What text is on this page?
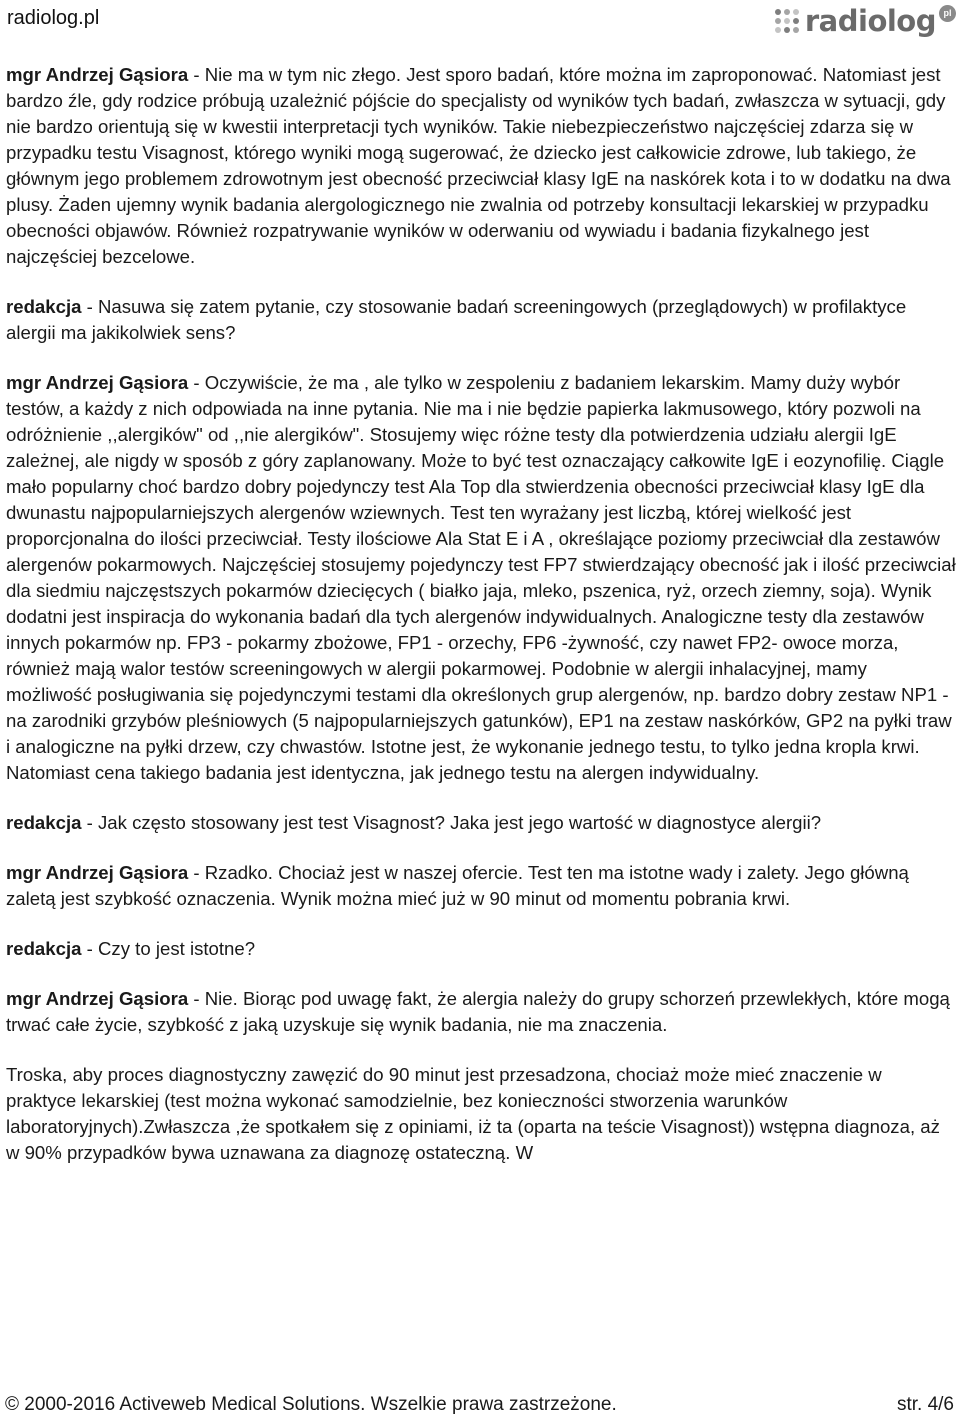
radiolog.pl	radiolog pl

mgr Andrzej Gąsiora - Nie ma w tym nic złego. Jest sporo badań, które można im zaproponować. Natomiast jest bardzo źle, gdy rodzice próbują uzależnić pójście do specjalisty od wyników tych badań, zwłaszcza w sytuacji, gdy nie bardzo orientują się w kwestii interpretacji tych wyników. Takie niebezpieczeństwo najczęściej zdarza się w przypadku testu Visagnost, którego wyniki mogą sugerować, że dziecko jest całkowicie zdrowe, lub takiego, że głównym jego problemem zdrowotnym jest obecność przeciwciał klasy IgE na naskórek kota i to w dodatku na dwa plusy. Żaden ujemny wynik badania alergologicznego nie zwalnia od potrzeby konsultacji lekarskiej w przypadku obecności objawów. Również rozpatrywanie wyników w oderwaniu od wywiadu i badania fizykalnego jest najczęściej bezcelowe.

redakcja - Nasuwa się zatem pytanie, czy stosowanie badań screeningowych (przeglądowych) w profilaktyce alergii ma jakikolwiek sens?

mgr Andrzej Gąsiora - Oczywiście, że ma , ale tylko w zespoleniu z badaniem lekarskim. Mamy duży wybór testów, a każdy z nich odpowiada na inne pytania. Nie ma i nie będzie papierka lakmusowego, który pozwoli na odróżnienie ,,alergików" od ,,nie alergików". Stosujemy więc różne testy dla potwierdzenia udziału alergii IgE zależnej, ale nigdy w sposób z góry zaplanowany. Może to być test oznaczający całkowite IgE i eozynofilię. Ciągle mało popularny choć bardzo dobry pojedynczy test Ala Top dla stwierdzenia obecności przeciwciał klasy IgE dla dwunastu najpopularniejszych alergenów wziewnych. Test ten wyrażany jest liczbą, której wielkość jest proporcjonalna do ilości przeciwciał. Testy ilościowe Ala Stat E i A , określające poziomy przeciwciał dla zestawów alergenów pokarmowych. Najczęściej stosujemy pojedynczy test FP7 stwierdzający obecność jak i ilość przeciwciał dla siedmiu najczęstszych pokarmów dziecięcych ( białko jaja, mleko, pszenica, ryż, orzech ziemny, soja). Wynik dodatni jest inspiracja do wykonania badań dla tych alergenów indywidualnych. Analogiczne testy dla zestawów innych pokarmów np. FP3 - pokarmy zbożowe, FP1 - orzechy, FP6 -żywność, czy nawet FP2- owoce morza, również mają walor testów screeningowych w alergii pokarmowej. Podobnie w alergii inhalacyjnej, mamy możliwość posługiwania się pojedynczymi testami dla określonych grup alergenów, np. bardzo dobry zestaw NP1 - na zarodniki grzybów pleśniowych (5 najpopularniejszych gatunków), EP1 na zestaw naskórków, GP2 na pyłki traw i analogiczne na pyłki drzew, czy chwastów. Istotne jest, że wykonanie jednego testu, to tylko jedna kropla krwi. Natomiast cena takiego badania jest identyczna, jak jednego testu na alergen indywidualny.

redakcja - Jak często stosowany jest test Visagnost? Jaka jest jego wartość w diagnostyce alergii?

mgr Andrzej Gąsiora - Rzadko. Chociaż jest w naszej ofercie. Test ten ma istotne wady i zalety. Jego główną zaletą jest szybkość oznaczenia. Wynik można mieć już w 90 minut od momentu pobrania krwi.

redakcja - Czy to jest istotne?

mgr Andrzej Gąsiora - Nie. Biorąc pod uwagę fakt, że alergia należy do grupy schorzeń przewlekłych, które mogą trwać całe życie, szybkość z jaką uzyskuje się wynik badania, nie ma znaczenia.

Troska, aby proces diagnostyczny zawęzić do 90 minut jest przesadzona, chociaż może mieć znaczenie w praktyce lekarskiej (test można wykonać samodzielnie, bez konieczności stworzenia warunków laboratoryjnych).Zwłaszcza ,że spotkałem się z opiniami, iż ta (oparta na teście Visagnost)) wstępna diagnoza, aż w 90% przypadków bywa uznawana za diagnozę ostateczną. W

© 2000-2016 Activeweb Medical Solutions. Wszelkie prawa zastrzeżone.	str. 4/6
